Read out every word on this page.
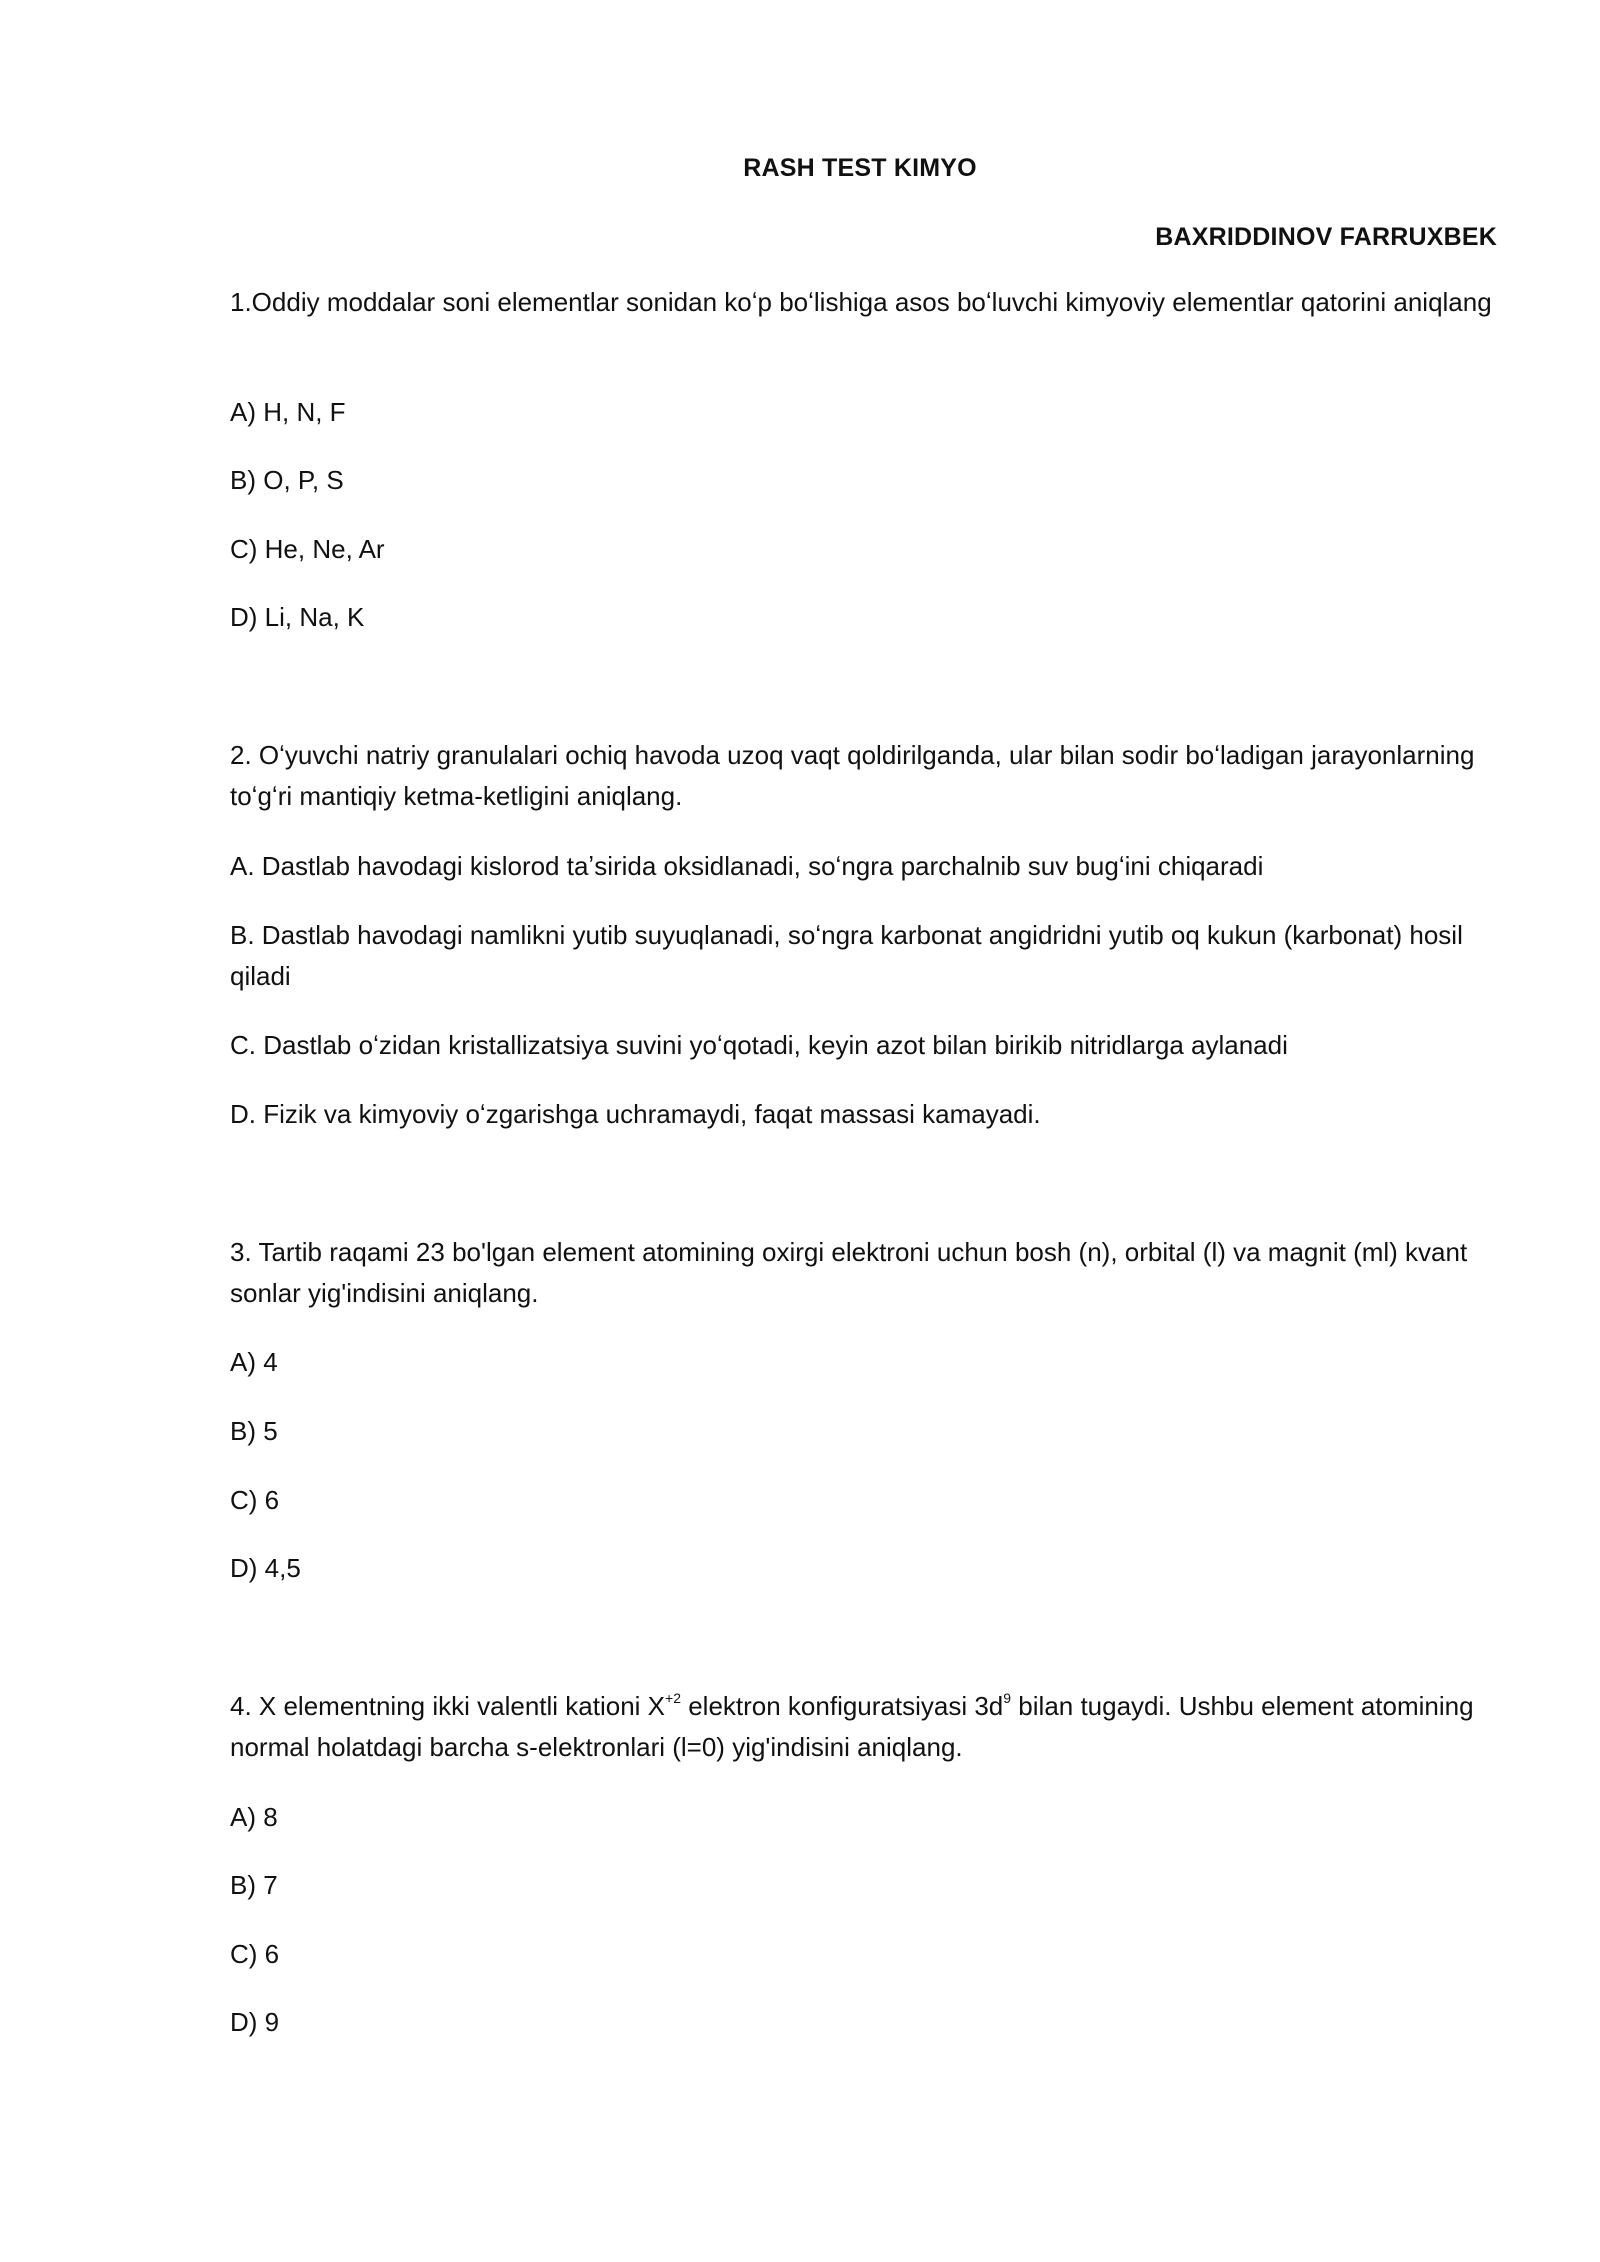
RASH TEST KIMYO
BAXRIDDINOV FARRUXBEK

1.Oddiy moddalar soni elementlar sonidan koʻp boʻlishiga asos boʻluvchi kimyoviy elementlar qatorini aniqlang

A) H, N, F
B) O, P, S
C) He, Ne, Ar
D) Li, Na, K

2. Oʻyuvchi natriy granulalari ochiq havoda uzoq vaqt qoldirilganda, ular bilan sodir boʻladigan jarayonlarning toʻgʻri mantiqiy ketma-ketligini aniqlang.

A. Dastlab havodagi kislorod taʼsirida oksidlanadi, soʻngra parchalnib suv bugʻini chiqaradi
B. Dastlab havodagi namlikni yutib suyuqlanadi, soʻngra karbonat angidridni yutib oq kukun (karbonat) hosil qiladi
C. Dastlab oʻzidan kristallizatsiya suvini yoʻqotadi, keyin azot bilan birikib nitridlarga aylanadi
D. Fizik va kimyoviy oʻzgarishga uchramaydi, faqat massasi kamayadi.

3. Tartib raqami 23 bo'lgan element atomining oxirgi elektroni uchun bosh (n), orbital (l) va magnit (ml) kvant sonlar yig'indisini aniqlang.

A) 4
B) 5
C) 6
D) 4,5

4. X elementning ikki valentli kationi $X^{+2}$ elektron konfiguratsiyasi $3d^9$ bilan tugaydi. Ushbu element atomining normal holatdagi barcha s-elektronlari (l=0) yig'indisini aniqlang.

A) 8
B) 7
C) 6
D) 9
